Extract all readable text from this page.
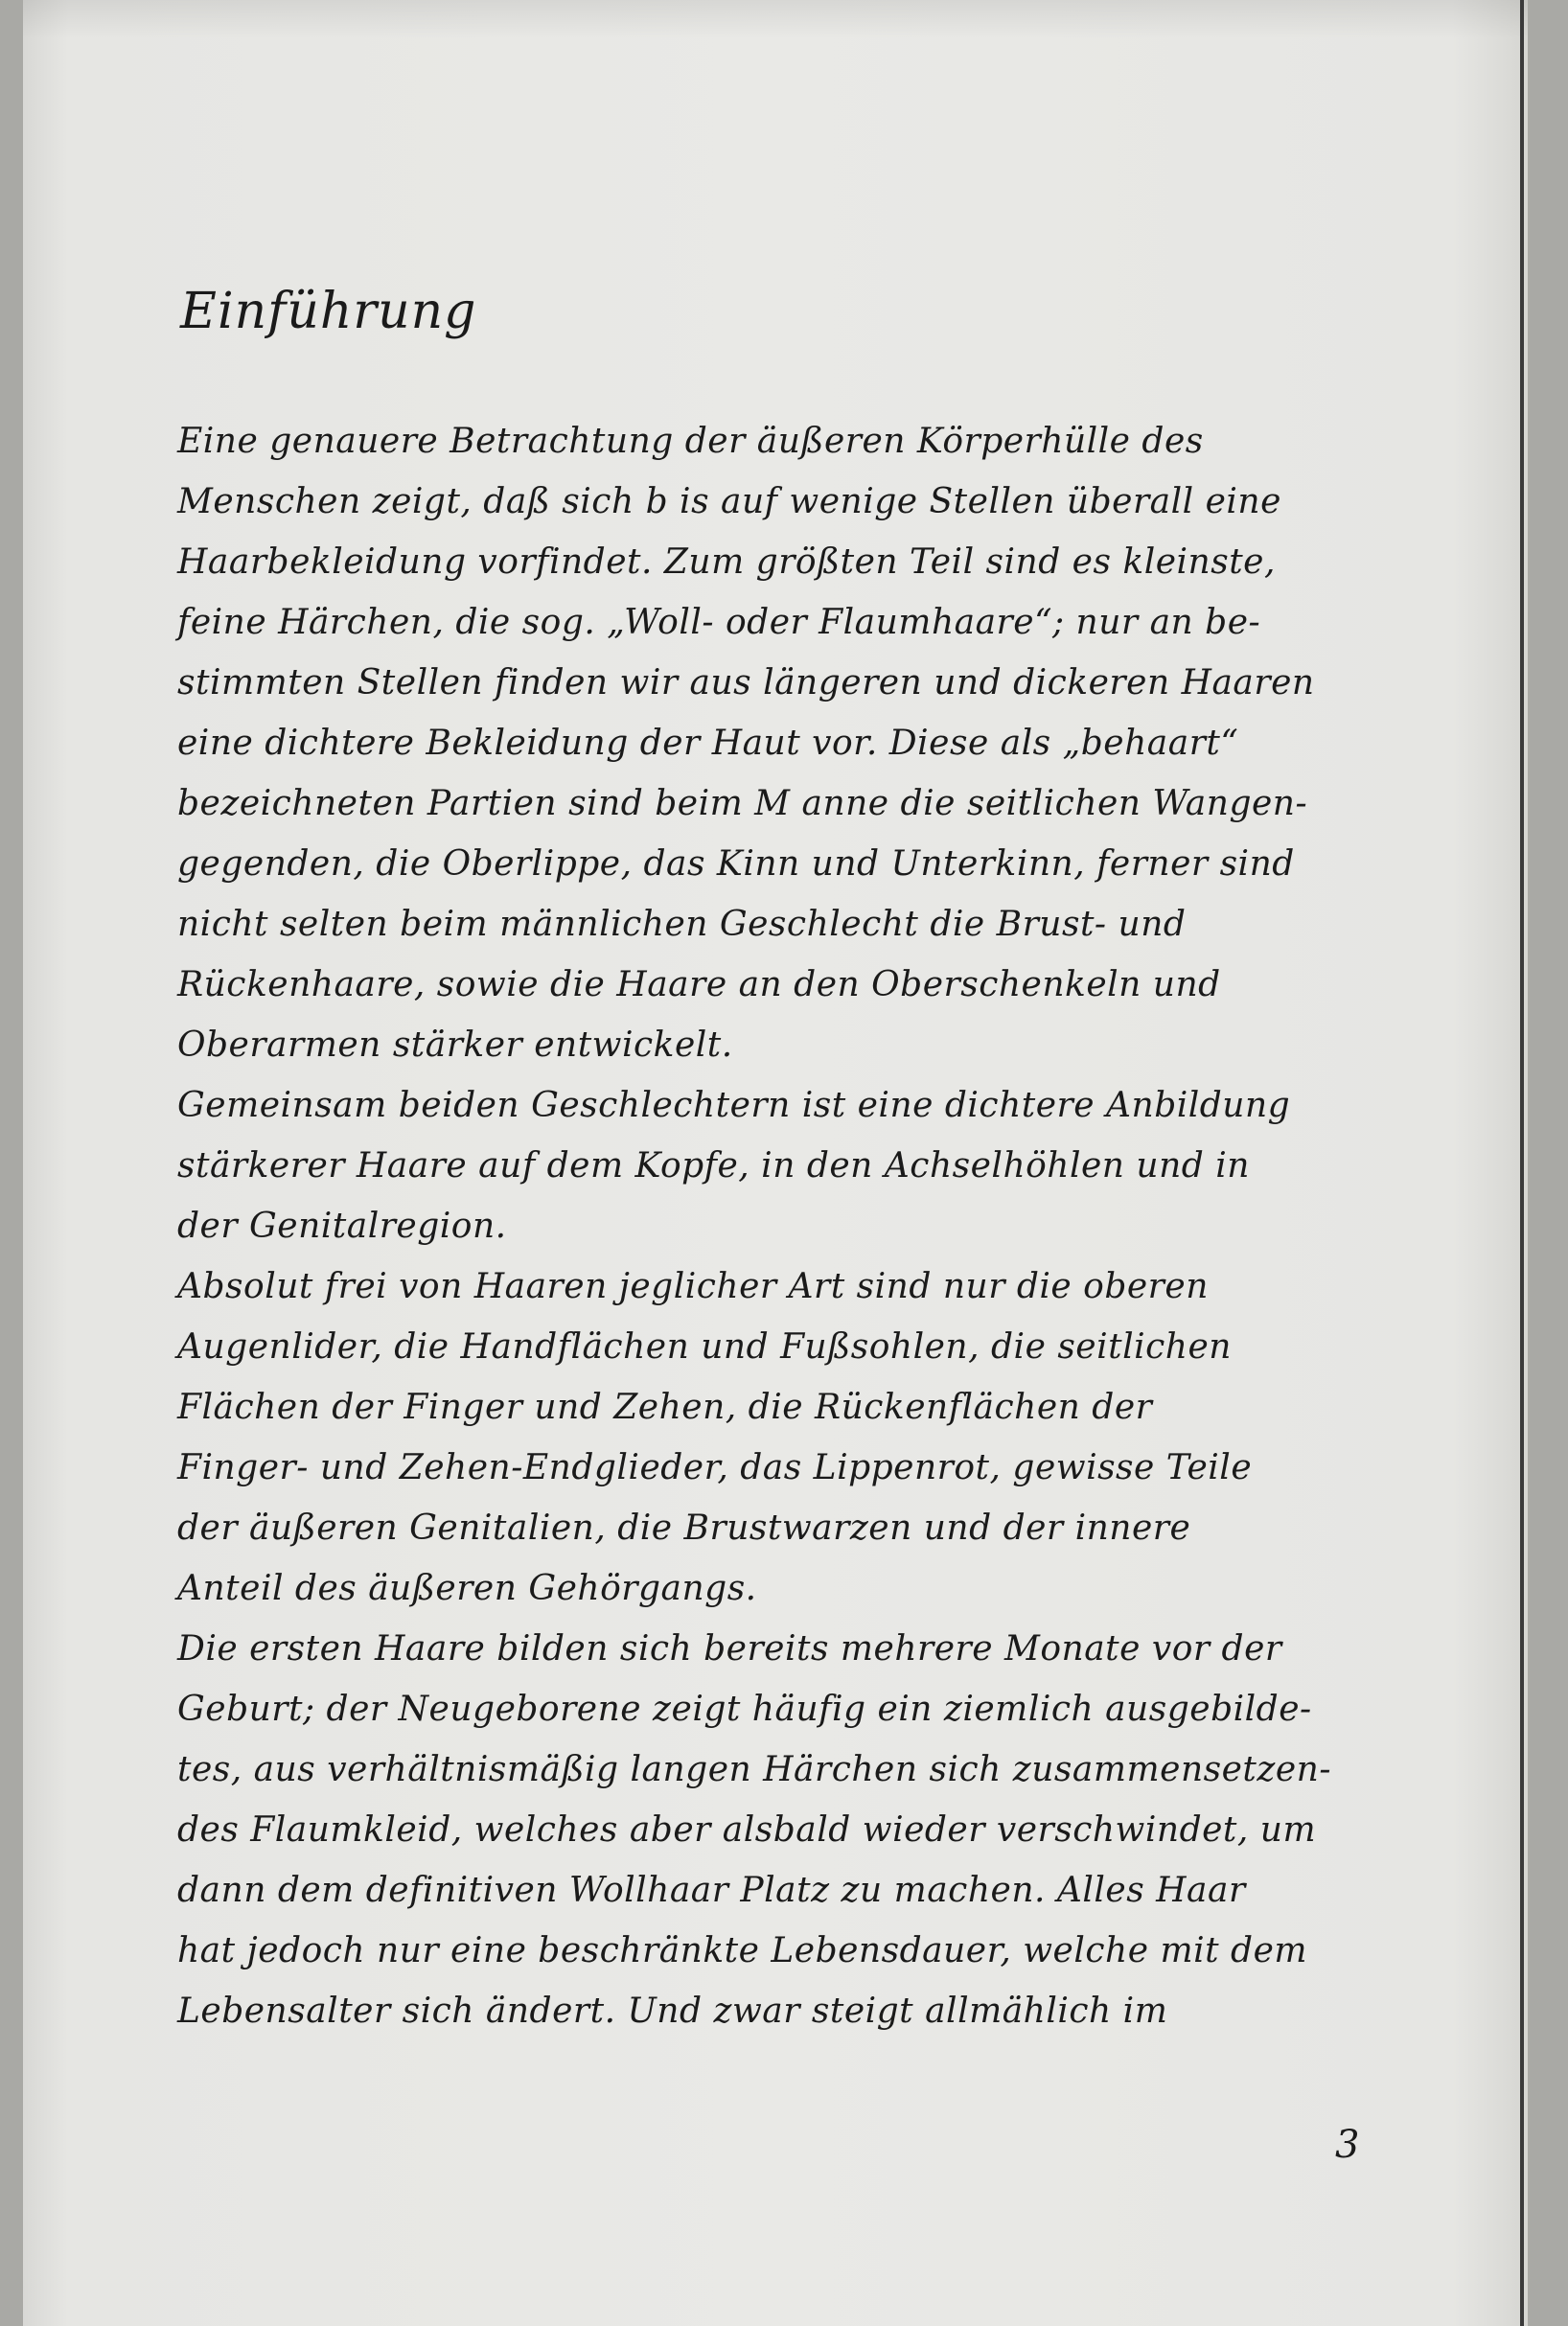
Einführung
Eine genauere Betrachtung der äußeren Körperhülle des
Menschen zeigt, daß sich b is auf wenige Stellen überall eine
Haarbekleidung vorfindet. Zum größten Teil sind es kleinste,
feine Härchen, die sog. „Woll- oder Flaumhaare“; nur an be-
stimmten Stellen finden wir aus längeren und dickeren Haaren
eine dichtere Bekleidung der Haut vor. Diese als „behaart“
bezeichneten Partien sind beim M anne die seitlichen Wangen-
gegenden, die Oberlippe, das Kinn und Unterkinn, ferner sind
nicht selten beim männlichen Geschlecht die Brust- und
Rückenhaare, sowie die Haare an den Oberschenkeln und
Oberarmen stärker entwickelt.
Gemeinsam beiden Geschlechtern ist eine dichtere Anbildung
stärkerer Haare auf dem Kopfe, in den Achselhöhlen und in
der Genitalregion.
Absolut frei von Haaren jeglicher Art sind nur die oberen
Augenlider, die Handflächen und Fußsohlen, die seitlichen
Flächen der Finger und Zehen, die Rückenflächen der
Finger- und Zehen-Endglieder, das Lippenrot, gewisse Teile
der äußeren Genitalien, die Brustwarzen und der innere
Anteil des äußeren Gehörgangs.
Die ersten Haare bilden sich bereits mehrere Monate vor der
Geburt; der Neugeborene zeigt häufig ein ziemlich ausgebilde-
tes, aus verhältnismäßig langen Härchen sich zusammensetzen-
des Flaumkleid, welches aber alsbald wieder verschwindet, um
dann dem definitiven Wollhaar Platz zu machen. Alles Haar
hat jedoch nur eine beschränkte Lebensdauer, welche mit dem
Lebensalter sich ändert. Und zwar steigt allmählich im
3
